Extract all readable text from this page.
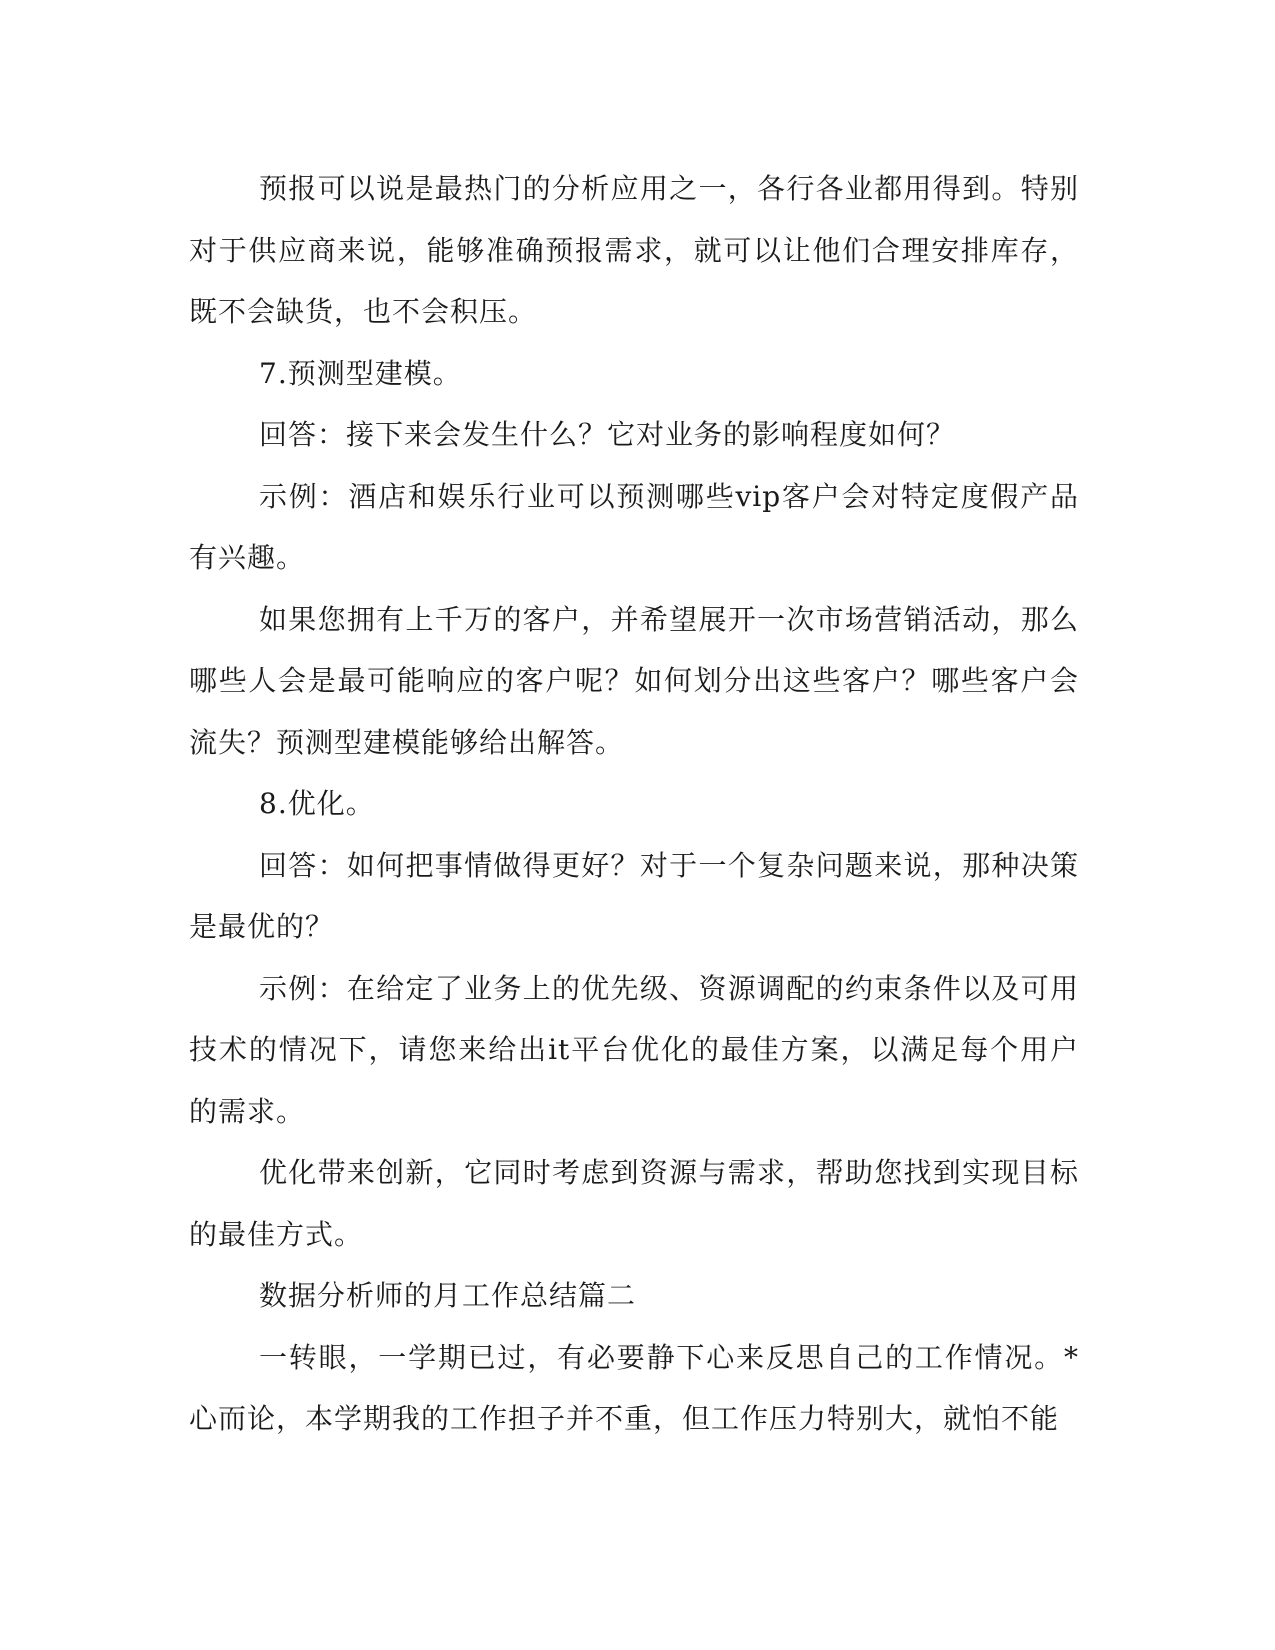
预报可以说是最热门的分析应用之一，各行各业都用得到。特别对于供应商来说，能够准确预报需求，就可以让他们合理安排库存，既不会缺货，也不会积压。

7.预测型建模。

回答：接下来会发生什么？它对业务的影响程度如何？

示例：酒店和娱乐行业可以预测哪些vip客户会对特定度假产品有兴趣。

如果您拥有上千万的客户，并希望展开一次市场营销活动，那么哪些人会是最可能响应的客户呢？如何划分出这些客户？哪些客户会流失？预测型建模能够给出解答。

8.优化。

回答：如何把事情做得更好？对于一个复杂问题来说，那种决策是最优的？

示例：在给定了业务上的优先级、资源调配的约束条件以及可用技术的情况下，请您来给出it平台优化的最佳方案，以满足每个用户的需求。

优化带来创新，它同时考虑到资源与需求，帮助您找到实现目标的最佳方式。

数据分析师的月工作总结篇二

一转眼，一学期已过，有必要静下心来反思自己的工作情况。*心而论，本学期我的工作担子并不重，但工作压力特别大，就怕不能
